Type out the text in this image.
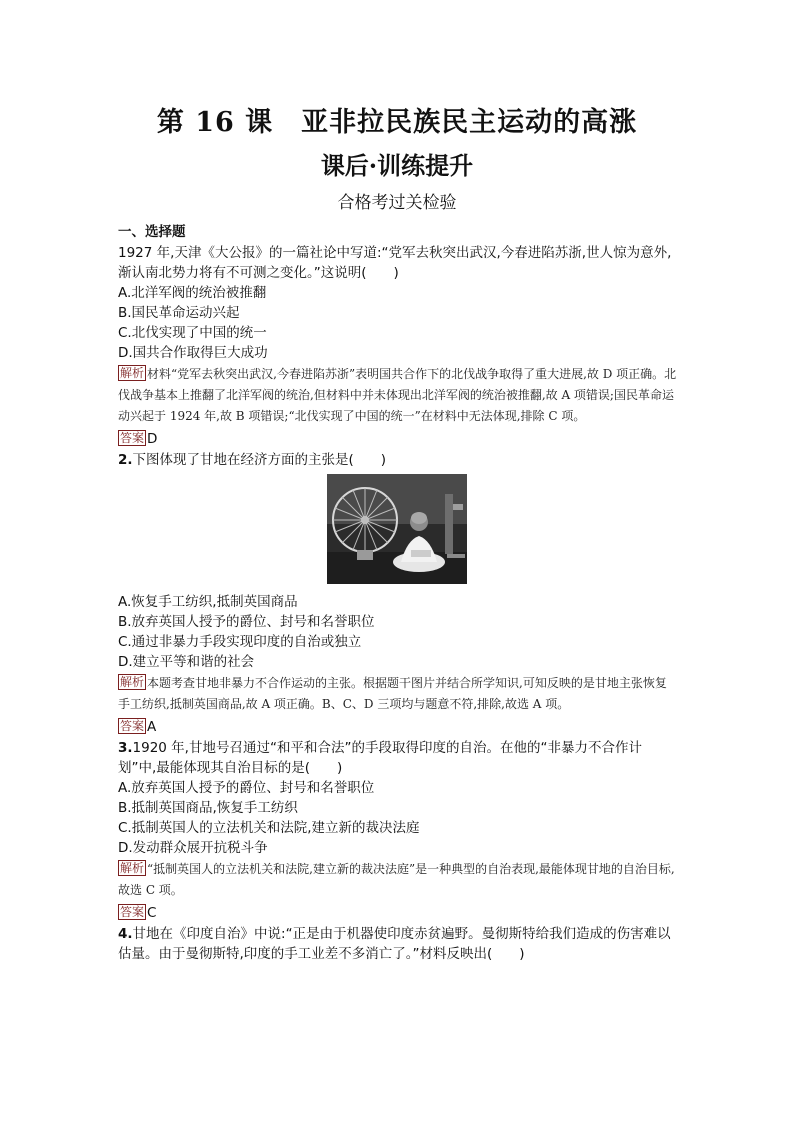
第 16 课　亚非拉民族民主运动的高涨
课后·训练提升
合格考过关检验
一、选择题

1927 年,天津《大公报》的一篇社论中写道:“党军去秋突出武汉,今春进陷苏浙,世人惊为意外,渐认南北势力将有不可测之变化。”这说明(　　)

A.北洋军阀的统治被推翻

B.国民革命运动兴起

C.北伐实现了中国的统一

D.国共合作取得巨大成功

解析 材料“党军去秋突出武汉,今春进陷苏浙”表明国共合作下的北伐战争取得了重大进展,故 D 项正确。北伐战争基本上推翻了北洋军阀的统治,但材料中并未体现出北洋军阀的统治被推翻,故 A 项错误;国民革命运动兴起于 1924 年,故 B 项错误;“北伐实现了中国的统一”在材料中无法体现,排除 C 项。

答案 D

2.下图体现了甘地在经济方面的主张是(　　)

A.恢复手工纺织,抵制英国商品

B.放弃英国人授予的爵位、封号和名誉职位

C.通过非暴力手段实现印度的自治或独立

D.建立平等和谐的社会

解析 本题考查甘地非暴力不合作运动的主张。根据题干图片并结合所学知识,可知反映的是甘地主张恢复手工纺织,抵制英国商品,故 A 项正确。B、C、D 三项均与题意不符,排除,故选 A 项。

答案 A

3.1920 年,甘地号召通过“和平和合法”的手段取得印度的自治。在他的“非暴力不合作计划”中,最能体现其自治目标的是(　　)

A.放弃英国人授予的爵位、封号和名誉职位

B.抵制英国商品,恢复手工纺织

C.抵制英国人的立法机关和法院,建立新的裁决法庭

D.发动群众展开抗税斗争

解析 “抵制英国人的立法机关和法院,建立新的裁决法庭”是一种典型的自治表现,最能体现甘地的自治目标,故选 C 项。

答案 C

4.甘地在《印度自治》中说:“正是由于机器使印度赤贫遍野。曼彻斯特给我们造成的伤害难以估量。由于曼彻斯特,印度的手工业差不多消亡了。”材料反映出(　　)
